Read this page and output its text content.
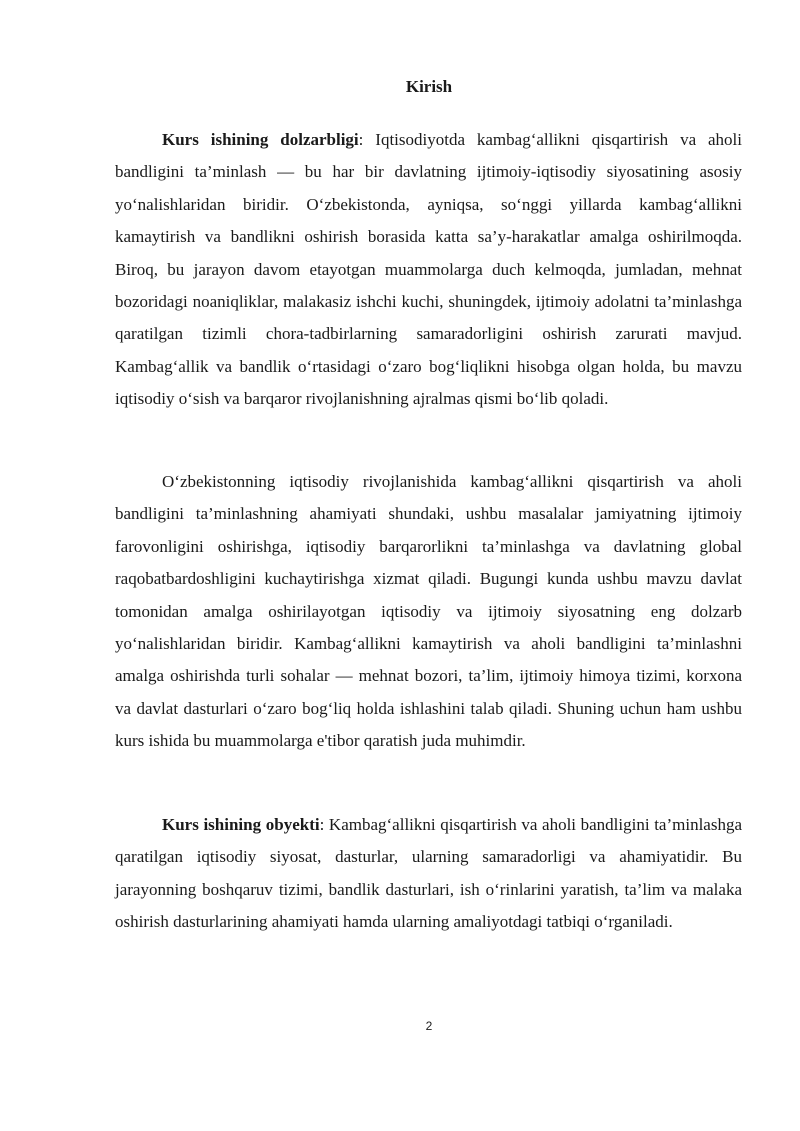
Kirish

Kurs ishining dolzarbligi: Iqtisodiyotda kambag‘allikni qisqartirish va aholi bandligini ta’minlash — bu har bir davlatning ijtimoiy-iqtisodiy siyosatining asosiy yo‘nalishlaridan biridir. O‘zbekistonda, ayniqsa, so‘nggi yillarda kambag‘allikni kamaytirish va bandlikni oshirish borasida katta sa’y-harakatlar amalga oshirilmoqda. Biroq, bu jarayon davom etayotgan muammolarga duch kelmoqda, jumladan, mehnat bozoridagi noaniqliklar, malakasiz ishchi kuchi, shuningdek, ijtimoiy adolatni ta’minlashga qaratilgan tizimli chora-tadbirlarning samaradorligini oshirish zarurati mavjud. Kambag‘allik va bandlik o‘rtasidagi o‘zaro bog‘liqlikni hisobga olgan holda, bu mavzu iqtisodiy o‘sish va barqaror rivojlanishning ajralmas qismi bo‘lib qoladi.

O‘zbekistonning iqtisodiy rivojlanishida kambag‘allikni qisqartirish va aholi bandligini ta’minlashning ahamiyati shundaki, ushbu masalalar jamiyatning ijtimoiy farovonligini oshirishga, iqtisodiy barqarorlikni ta’minlashga va davlatning global raqobatbardoshligini kuchaytirishga xizmat qiladi. Bugungi kunda ushbu mavzu davlat tomonidan amalga oshirilayotgan iqtisodiy va ijtimoiy siyosatning eng dolzarb yo‘nalishlaridan biridir. Kambag‘allikni kamaytirish va aholi bandligini ta’minlashni amalga oshirishda turli sohalar — mehnat bozori, ta’lim, ijtimoiy himoya tizimi, korxona va davlat dasturlari o‘zaro bog‘liq holda ishlashini talab qiladi. Shuning uchun ham ushbu kurs ishida bu muammolarga e'tibor qaratish juda muhimdir.

Kurs ishining obyekti: Kambag‘allikni qisqartirish va aholi bandligini ta’minlashga qaratilgan iqtisodiy siyosat, dasturlar, ularning samaradorligi va ahamiyatidir. Bu jarayonning boshqaruv tizimi, bandlik dasturlari, ish o‘rinlarini yaratish, ta’lim va malaka oshirish dasturlarining ahamiyati hamda ularning amaliyotdagi tatbiqi o‘rganiladi.

2
